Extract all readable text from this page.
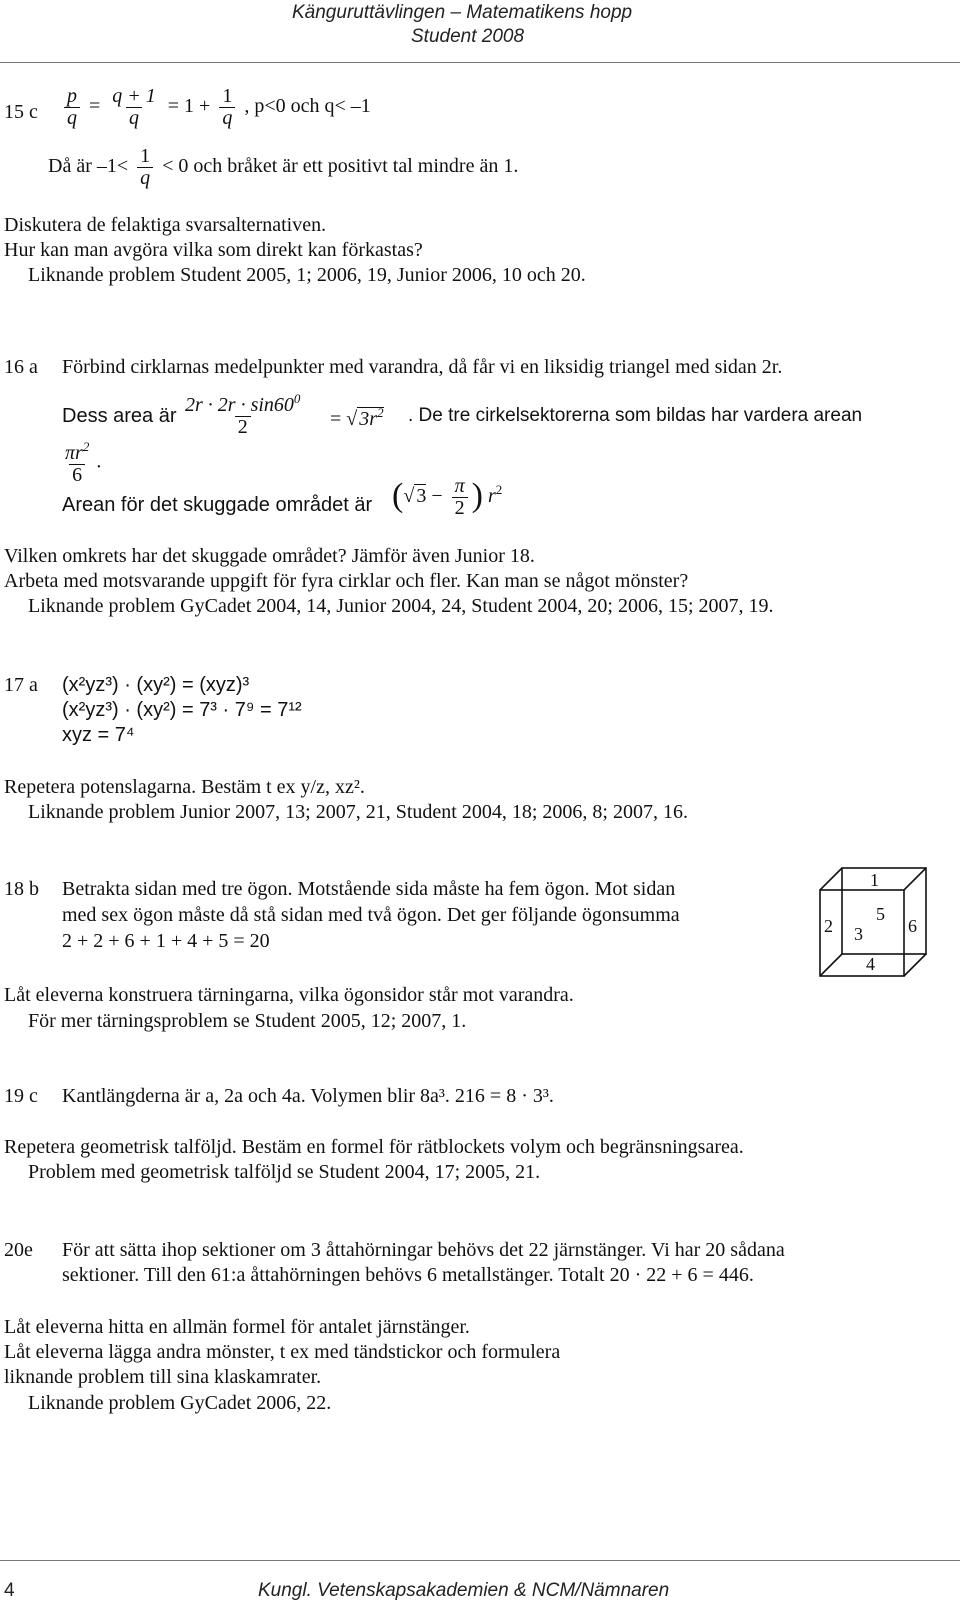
Känguruttävlingen – Matematikens hopp
Student 2008
15 c $\frac{p}{q} = \frac{q + 1}{q} = 1 + \frac{1}{q}$ , p<0 och q< –1
Då är $-1< \frac{1}{q} < 0$ och bråket är ett positivt tal mindre än 1.
Diskutera de felaktiga svarsalternativen.
Hur kan man avgöra vilka som direkt kan förkastas?
Liknande problem Student 2005, 1; 2006, 19, Junior 2006, 10 och 20.
16 a Förbind cirklarnas medelpunkter med varandra, då får vi en liksidig triangel med sidan 2r.
Dess area är $\frac{2r \cdot 2r \cdot \sin 60^0}{2}$ = √ $3r^2$ . De tre cirkelsektorerna som bildas har vardera arean
$\frac{\pi r^2}{6}$ .
Arean för det skuggade området är (√ $3 - \frac{\pi}{2}$ ) $r^2$
Vilken omkrets har det skuggade området? Jämför även Junior 18.
Arbeta med motsvarande uppgift för fyra cirklar och fler. Kan man se något mönster?
Liknande problem GyCadet 2004, 14, Junior 2004, 24, Student 2004, 20; 2006, 15; 2007, 19.
17 a (x²yz³) · (xy²) = (xyz)³
(x²yz³) · (xy²) = 7³ · 7⁹ = 7¹²
xyz = 7⁴
Repetera potenslagarna. Bestäm t ex y/z, xz².
Liknande problem Junior 2007, 13; 2007, 21, Student 2004, 18; 2006, 8; 2007, 16.
18 b Betrakta sidan med tre ögon. Motstående sida måste ha fem ögon. Mot sidan
med sex ögon måste då stå sidan med två ögon. Det ger följande ögonsumma
2 + 2 + 6 + 1 + 4 + 5 = 20
Låt eleverna konstruera tärningarna, vilka ögonsidor står mot varandra.
För mer tärningsproblem se Student 2005, 12; 2007, 1.
1
2
5
3	6
4
19 c Kantlängderna är a, 2a och 4a. Volymen blir 8a³. 216 = 8 · 3³.
Repetera geometrisk talföljd. Bestäm en formel för rätblockets volym och begränsningsarea.
Problem med geometrisk talföljd se Student 2004, 17; 2005, 21.
20e För att sätta ihop sektioner om 3 åttahörningar behövs det 22 järnstänger. Vi har 20 sådana
sektioner. Till den 61:a åttahörningen behövs 6 metallstänger. Totalt 20 · 22 + 6 = 446.
Låt eleverna hitta en allmän formel för antalet järnstänger.
Låt eleverna lägga andra mönster, t ex med tändstickor och formulera
liknande problem till sina klaskamrater.
Liknande problem GyCadet 2006, 22.
4	Kungl. Vetenskapsakademien & NCM/Nämnaren
